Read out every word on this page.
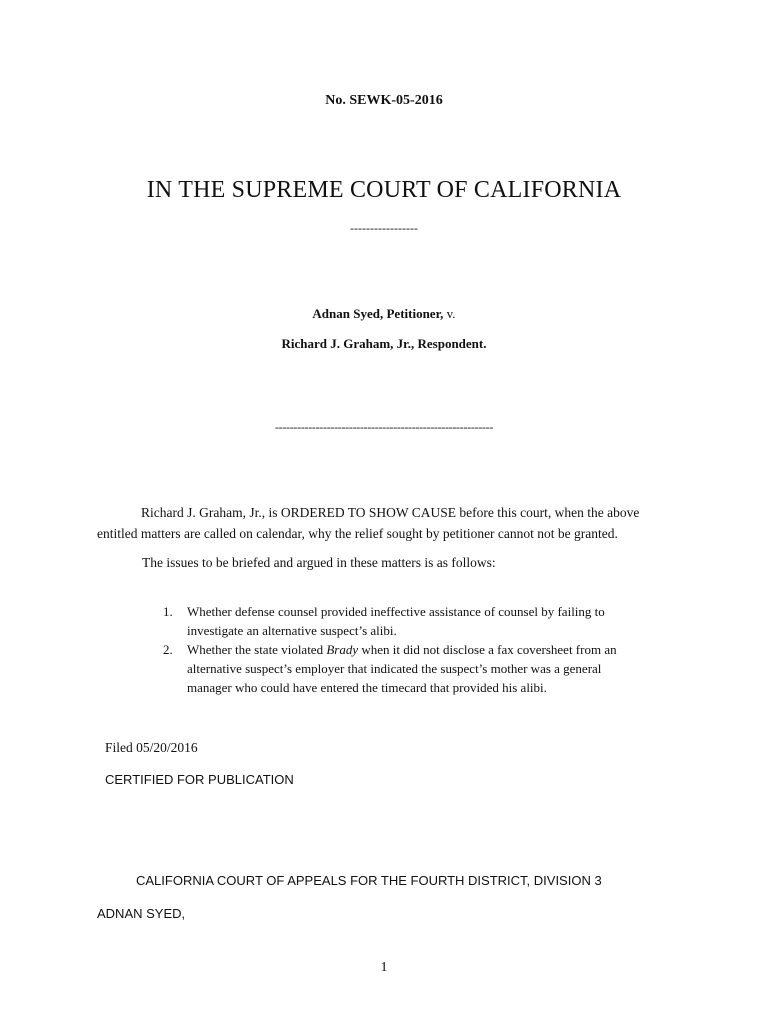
No. SEWK-05-2016
IN THE SUPREME COURT OF CALIFORNIA
-----------------
Adnan Syed, Petitioner, v.
Richard J. Graham, Jr., Respondent.
-----------------------------------------------------------
Richard J. Graham, Jr., is ORDERED TO SHOW CAUSE before this court, when the above entitled matters are called on calendar, why the relief sought by petitioner cannot not be granted.
The issues to be briefed and argued in these matters is as follows:
1. Whether defense counsel provided ineffective assistance of counsel by failing to investigate an alternative suspect’s alibi.
2. Whether the state violated Brady when it did not disclose a fax coversheet from an alternative suspect’s employer that indicated the suspect’s mother was a general manager who could have entered the timecard that provided his alibi.
Filed 05/20/2016
CERTIFIED FOR PUBLICATION
CALIFORNIA COURT OF APPEALS FOR THE FOURTH DISTRICT, DIVISION 3
ADNAN SYED,
1
